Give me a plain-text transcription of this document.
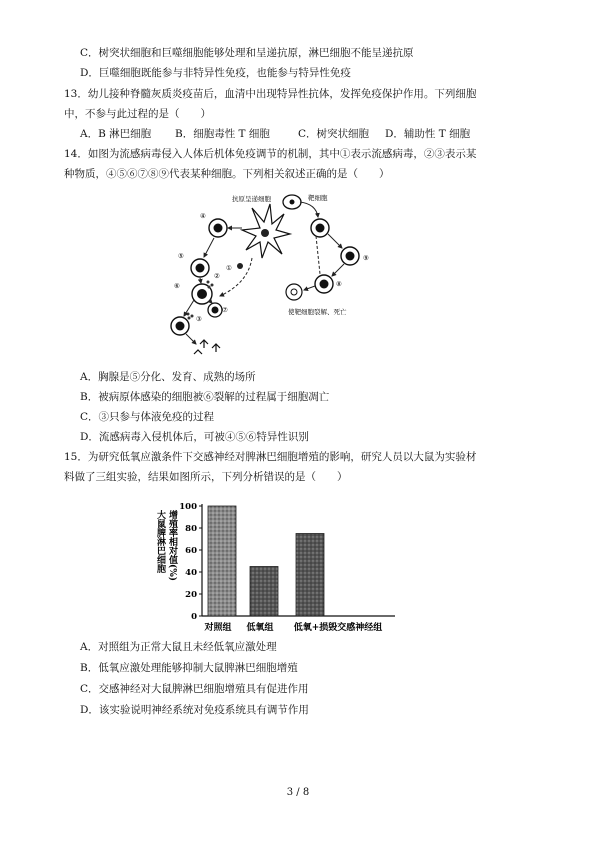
C．树突状细胞和巨噬细胞能够处理和呈递抗原，淋巴细胞不能呈递抗原
D．巨噬细胞既能参与非特异性免疫，也能参与特异性免疫
13．幼儿接种脊髓灰质炎疫苗后，血清中出现特异性抗体，发挥免疫保护作用。下列细胞
中，不参与此过程的是（　　）
A．B 淋巴细胞 B．细胞毒性 T 细胞	C．树突状细胞 D．辅助性 T 细胞
14．如图为流感病毒侵入人体后机体免疫调节的机制，其中①表示流感病毒，②③表示某
种物质，④⑤⑥⑦⑧⑨代表某种细胞。下列相关叙述正确的是（　　）
抗原呈递细胞	靶细胞
使靶细胞裂解、死亡
①
④
⑤
⑥
⑦
②
③
⑨
⑧
A．胸腺是⑤分化、发育、成熟的场所
B．被病原体感染的细胞被⑥裂解的过程属于细胞凋亡
C．③只参与体液免疫的过程
D．流感病毒入侵机体后，可被④⑤⑥特异性识别
15．为研究低氧应激条件下交感神经对脾淋巴细胞增殖的影响，研究人员以大鼠为实验材
料做了三组实验，结果如图所示，下列分析错误的是（　　）
大鼠脾淋巴细胞 增殖率相对值(%)
0
20
40
60
80
100
对照组 低氧组 低氧+损毁交感神经组
A．对照组为正常大鼠且未经低氧应激处理
B．低氧应激处理能够抑制大鼠脾淋巴细胞增殖
C．交感神经对大鼠脾淋巴细胞增殖具有促进作用
D．该实验说明神经系统对免疫系统具有调节作用
3 / 8
